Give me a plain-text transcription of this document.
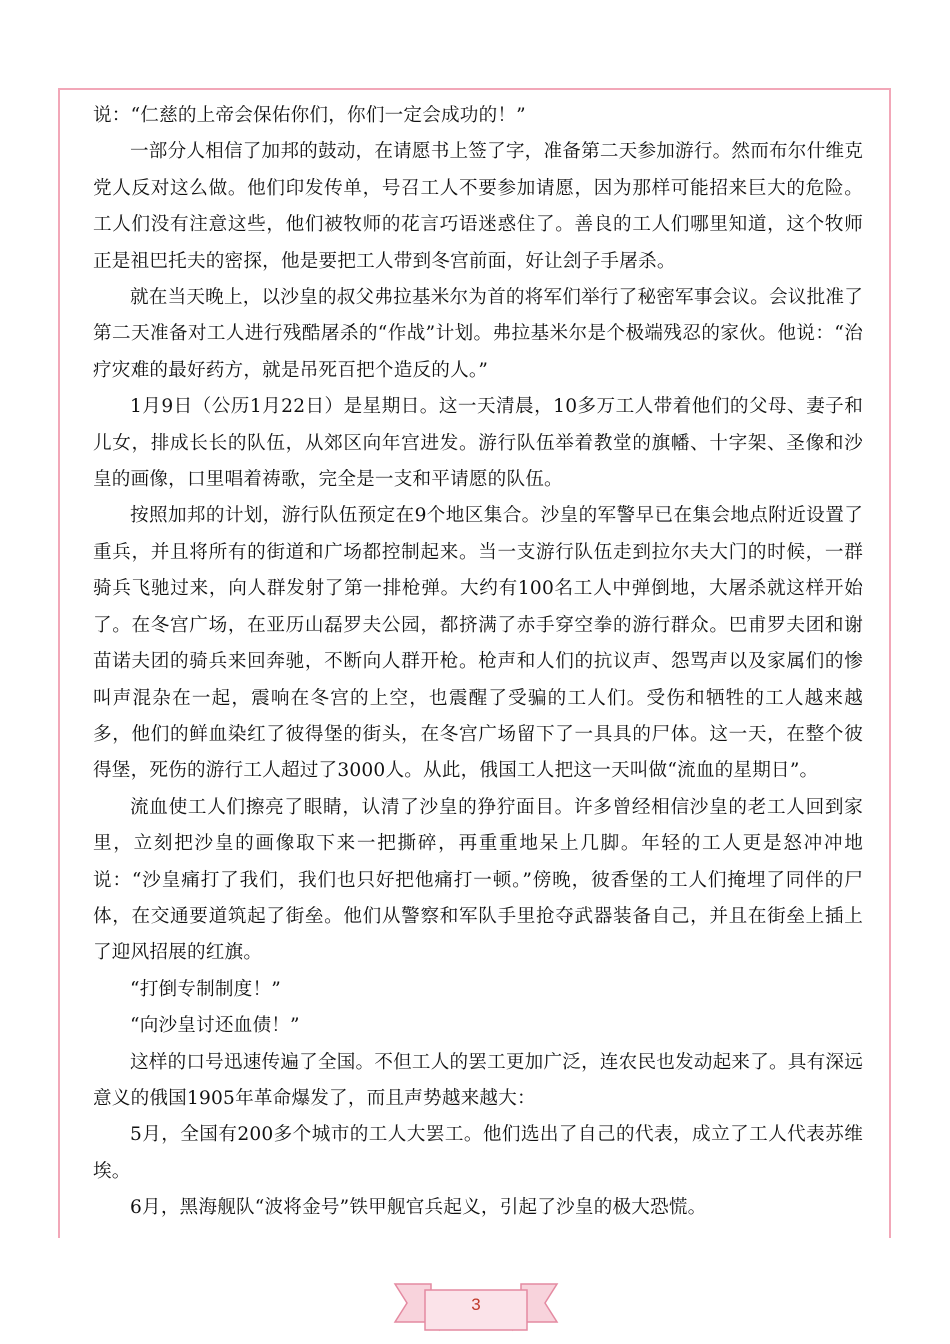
说：“仁慈的上帝会保佑你们，你们一定会成功的！”

一部分人相信了加邦的鼓动，在请愿书上签了字，准备第二天参加游行。然而布尔什维克党人反对这么做。他们印发传单，号召工人不要参加请愿，因为那样可能招来巨大的危险。工人们没有注意这些，他们被牧师的花言巧语迷惑住了。善良的工人们哪里知道，这个牧师正是祖巴托夫的密探，他是要把工人带到冬宫前面，好让刽子手屠杀。

就在当天晚上，以沙皇的叔父弗拉基米尔为首的将军们举行了秘密军事会议。会议批准了第二天准备对工人进行残酷屠杀的“作战”计划。弗拉基米尔是个极端残忍的家伙。他说：“治疗灾难的最好药方，就是吊死百把个造反的人。”

1月9日（公历1月22日）是星期日。这一天清晨，10多万工人带着他们的父母、妻子和儿女，排成长长的队伍，从郊区向年宫进发。游行队伍举着教堂的旗幡、十字架、圣像和沙皇的画像，口里唱着祷歌，完全是一支和平请愿的队伍。

按照加邦的计划，游行队伍预定在9个地区集合。沙皇的军警早已在集会地点附近设置了重兵，并且将所有的街道和广场都控制起来。当一支游行队伍走到拉尔夫大门的时候，一群骑兵飞驰过来，向人群发射了第一排枪弹。大约有100名工人中弹倒地，大屠杀就这样开始了。在冬宫广场，在亚历山磊罗夫公园，都挤满了赤手穿空拳的游行群众。巴甫罗夫团和谢苗诺夫团的骑兵来回奔驰，不断向人群开枪。枪声和人们的抗议声、怨骂声以及家属们的惨叫声混杂在一起，震响在冬宫的上空，也震醒了受骗的工人们。受伤和牺牲的工人越来越多，他们的鲜血染红了彼得堡的街头，在冬宫广场留下了一具具的尸体。这一天，在整个彼得堡，死伤的游行工人超过了3000人。从此，俄国工人把这一天叫做“流血的星期日”。

流血使工人们擦亮了眼睛，认清了沙皇的狰狞面目。许多曾经相信沙皇的老工人回到家里，立刻把沙皇的画像取下来一把撕碎，再重重地呆上几脚。年轻的工人更是怒冲冲地说：“沙皇痛打了我们，我们也只好把他痛打一顿。”傍晚，彼香堡的工人们掩埋了同伴的尸体，在交通要道筑起了街垒。他们从警察和军队手里抢夺武器装备自己，并且在街垒上插上了迎风招展的红旗。

“打倒专制制度！”

“向沙皇讨还血债！”

这样的口号迅速传遍了全国。不但工人的罢工更加广泛，连农民也发动起来了。具有深远意义的俄国1905年革命爆发了，而且声势越来越大：

5月，全国有200多个城市的工人大罢工。他们选出了自己的代表，成立了工人代表苏维埃。

6月，黑海舰队“波将金号”铁甲舰官兵起义，引起了沙皇的极大恐慌。

3
